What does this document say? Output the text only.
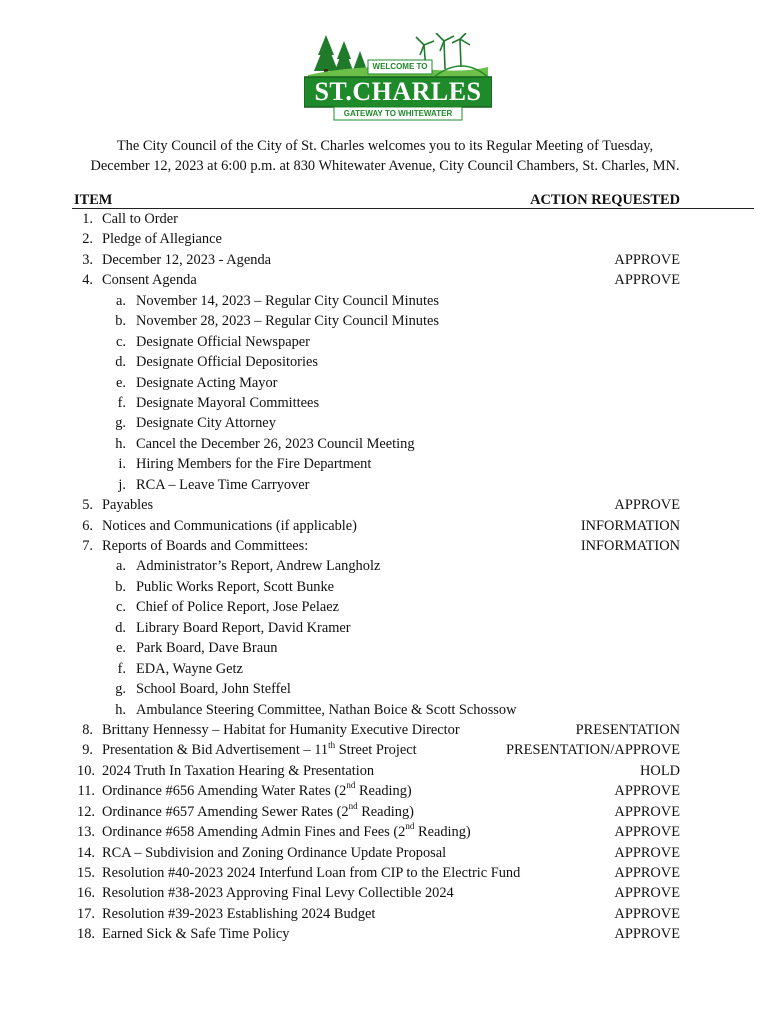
WELCOME TO
ST.CHARLES
GATEWAY TO WHITEWATER
The City Council of the City of St. Charles welcomes you to its Regular Meeting of Tuesday,
December 12, 2023 at 6:00 p.m. at 830 Whitewater Avenue, City Council Chambers, St. Charles, MN.
ITEM	ACTION REQUESTED
1. Call to Order
2. Pledge of Allegiance
3. December 12, 2023 - Agenda	APPROVE
4. Consent Agenda	APPROVE
a. November 14, 2023 – Regular City Council Minutes
b. November 28, 2023 – Regular City Council Minutes
c. Designate Official Newspaper
d. Designate Official Depositories
e. Designate Acting Mayor
f. Designate Mayoral Committees
g. Designate City Attorney
h. Cancel the December 26, 2023 Council Meeting
i. Hiring Members for the Fire Department
j. RCA – Leave Time Carryover
5. Payables	APPROVE
6. Notices and Communications (if applicable)	INFORMATION
7. Reports of Boards and Committees:	INFORMATION
a. Administrator’s Report, Andrew Langholz
b. Public Works Report, Scott Bunke
c. Chief of Police Report, Jose Pelaez
d. Library Board Report, David Kramer
e. Park Board, Dave Braun
f. EDA, Wayne Getz
g. School Board, John Steffel
h. Ambulance Steering Committee, Nathan Boice & Scott Schossow
8. Brittany Hennessy – Habitat for Humanity Executive Director	PRESENTATION
9. Presentation & Bid Advertisement – 11th Street Project	PRESENTATION/APPROVE
10. 2024 Truth In Taxation Hearing & Presentation	HOLD
11. Ordinance #656 Amending Water Rates (2nd Reading)	APPROVE
12. Ordinance #657 Amending Sewer Rates (2nd Reading)	APPROVE
13. Ordinance #658 Amending Admin Fines and Fees (2nd Reading)	APPROVE
14. RCA – Subdivision and Zoning Ordinance Update Proposal	APPROVE
15. Resolution #40-2023 2024 Interfund Loan from CIP to the Electric Fund	APPROVE
16. Resolution #38-2023 Approving Final Levy Collectible 2024	APPROVE
17. Resolution #39-2023 Establishing 2024 Budget	APPROVE
18. Earned Sick & Safe Time Policy	APPROVE
